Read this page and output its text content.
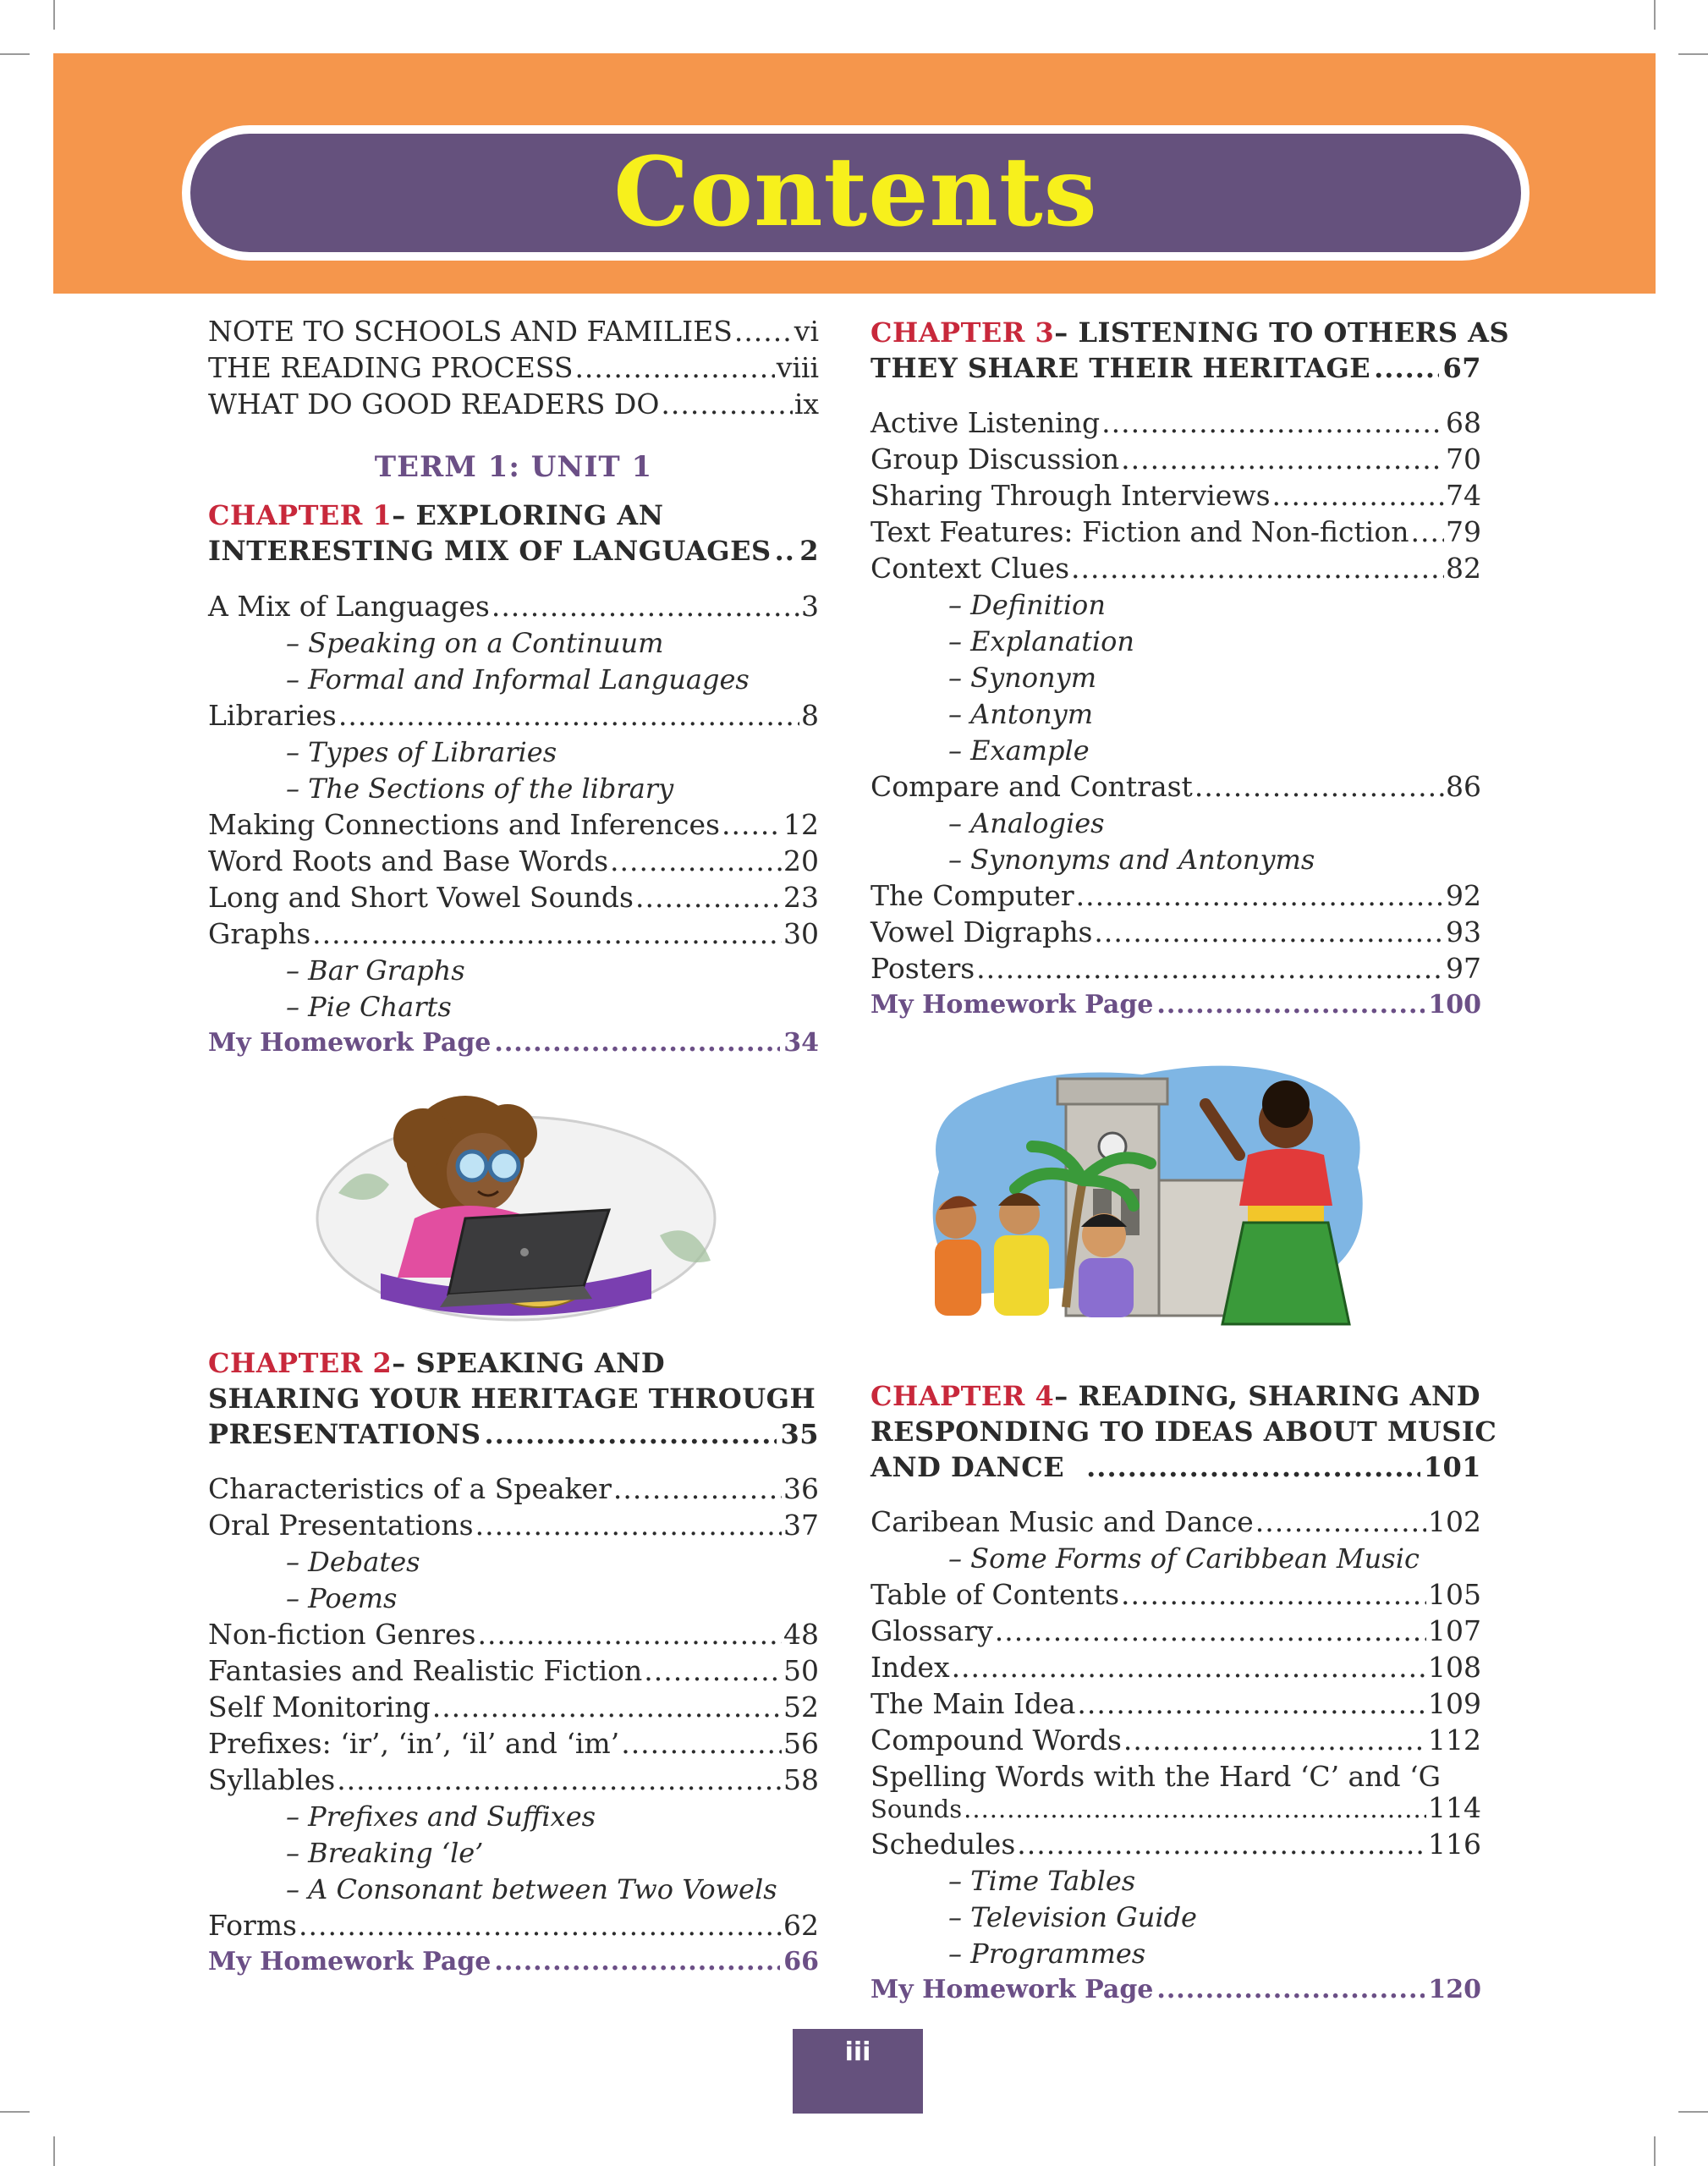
Contents
NOTE TO SCHOOLS AND FAMILIES ..... vi
THE READING PROCESS .....	viii
WHAT DO GOOD READERS DO .....	ix
TERM 1: UNIT 1
CHAPTER 1 – EXPLORING AN
INTERESTING MIX OF LANGUAGES ..... 2
A Mix of Languages .....	3
– Speaking on a Continuum
– Formal and Informal Languages
Libraries .....	8
– Types of Libraries
– The Sections of the library
Making Connections and Inferences ..... 12
Word Roots and Base Words .....	20
Long and Short Vowel Sounds .....	23
Graphs .....	30
– Bar Graphs
– Pie Charts
My Homework Page .....	34
CHAPTER 2 – SPEAKING AND
SHARING YOUR HERITAGE THROUGH
PRESENTATIONS .....	35
Characteristics of a Speaker .....	36
Oral Presentations .....	37
– Debates
– Poems
Non-fiction Genres .....	48
Fantasies and Realistic Fiction .....	50
Self Monitoring .....	52
Prefixes: ‘ir’, ‘in’, ‘il’ and ‘im’ .....	56
Syllables .....	58
– Prefixes and Suffixes
– Breaking ‘le’
– A Consonant between Two Vowels
Forms .....	62
My Homework Page .....	66
CHAPTER 3 – LISTENING TO OTHERS AS
THEY SHARE THEIR HERITAGE .....	67
Active Listening .....	68
Group Discussion .....	70
Sharing Through Interviews .....	74
Text Features: Fiction and Non-fiction ..... 79
Context Clues .....	82
– Definition
– Explanation
– Synonym
– Antonym
– Example
Compare and Contrast .....	86
– Analogies
– Synonyms and Antonyms
The Computer .....	92
Vowel Digraphs .....	93
Posters .....	97
My Homework Page .....	100
CHAPTER 4 – READING, SHARING AND
RESPONDING TO IDEAS ABOUT MUSIC
AND DANCE .....	101
Caribean Music and Dance .....	102
– Some Forms of Caribbean Music
Table of Contents .....	105
Glossary .....	107
Index .....	108
The Main Idea .....	109
Compound Words .....	112
Spelling Words with the Hard ‘C’ and ‘G
Sounds .....	114
Schedules .....	116
– Time Tables
– Television Guide
– Programmes
My Homework Page .....	120
iii
